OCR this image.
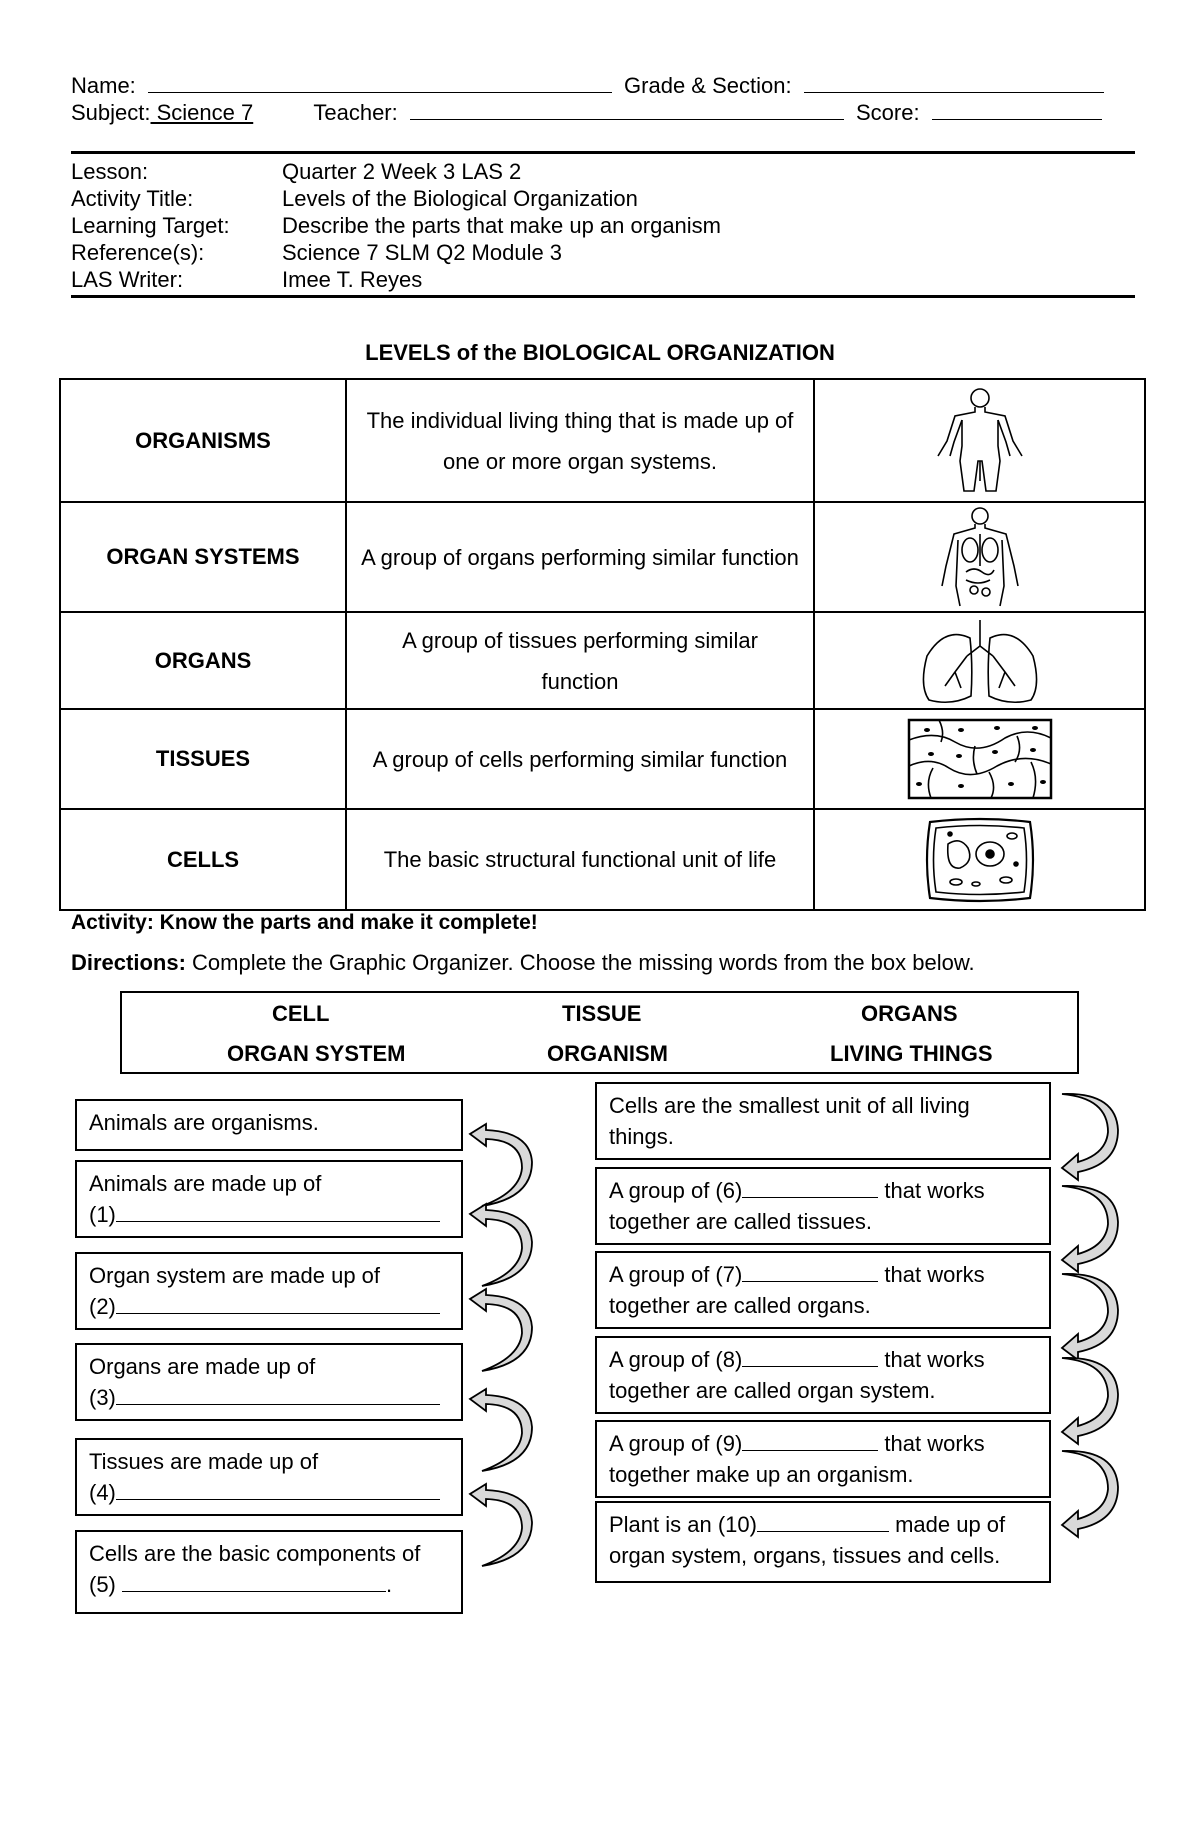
Name:	Grade & Section:
Subject: Science 7	Teacher:	Score:
Lesson:	Quarter 2 Week 3 LAS 2
Activity Title:	Levels of the Biological Organization
Learning Target: Describe the parts that make up an organism
Reference(s):	Science 7 SLM Q2 Module 3
LAS Writer:	Imee T. Reyes
LEVELS of the BIOLOGICAL ORGANIZATION
ORGANISMS	The individual living thing that is made up of one or more organ systems.	
ORGAN SYSTEMS	A group of organs performing similar function	
ORGANS	A group of tissues performing similar function	
TISSUES	A group of cells performing similar function	
CELLS	The basic structural functional unit of life	
Activity: Know the parts and make it complete!
Directions: Complete the Graphic Organizer. Choose the missing words from the box below.
CELL	TISSUE	ORGANS
ORGAN SYSTEM	ORGANISM	LIVING THINGS
Animals are organisms.
Animals are made up of
(1)
Organ system are made up of
(2)
Organs are made up of
(3)
Tissues are made up of
(4)
Cells are the basic components of
(5)	.
Cells are the smallest unit of all living
things.
A group of (6)	that works
together are called tissues.
A group of (7)	that works
together are called organs.
A group of (8)	that works
together are called organ system.
A group of (9)	that works
together make up an organism.
Plant is an (10)	made up of
organ system, organs, tissues and cells.
